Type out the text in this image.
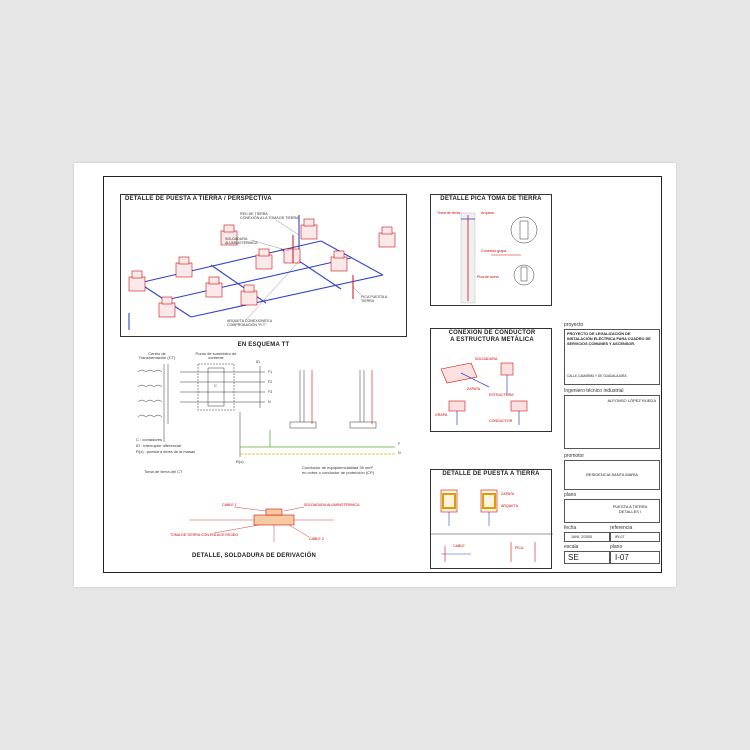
DETALLE DE PUESTA A TIERRA / PERSPECTIVA
RED DE TIERRA
CONEXIÓN A LA TOMA DE TIERRA
SOLDADURA ALUMINOTÉRMICA
PICA PUESTA A TIERRA
ARQUETA CONEXIONES A COMPROBACIÓN "R.T."
EN ESQUEMA TT
Centro de Transformación (CT)
Punto de suministro de corriente
ID
C
F1
F2
F3
N
F
N
C : contadores
ID : interruptor diferencial
R(x) : puesta a tierra de la masas
Toma de tierra del CT
R(x)
Conductor de equipotencialidad 35 mm²
en cobre o conductor de protección (CP)
CABLE 1	SOLDADURA ALUMINOTÉRMICA
TOMA DE TIERRA CON ENLACE RÍGIDO
CABLE 2
DETALLE, SOLDADURA DE DERIVACIÓN
DETALLE PICA TOMA DE TIERRA
Toma de tierra	Arqueta
Conexión grapa
Pica de acero
CONEXIÓN DE CONDUCTOR A ESTRUCTURA METÁLICA
SOLDADURA
ZAPATA
GRAPA
ESTRUCTURA
CONDUCTOR
DETALLE DE PUESTA A TIERRA
ZAPATA
ARQUETA
CABLE	PICA
proyecto
PROYECTO DE LEGALIZACIÓN DE INSTALACIÓN ELÉCTRICA PARA CUADRO DE SERVICIOS COMUNES Y ASCENSOR.
CALLE CAMARMA Y DE GUADALAJARA
Ingeniero técnico industrial
ALFONSO LÓPEZ RUEDA
promotor
RESIDENCIA SANTA MARÍA
plano
PUESTA A TIERRA DETALLES I
fecha	referencia
JUNI. 2/2005	IPL07
escala	plano
SE	I-07
